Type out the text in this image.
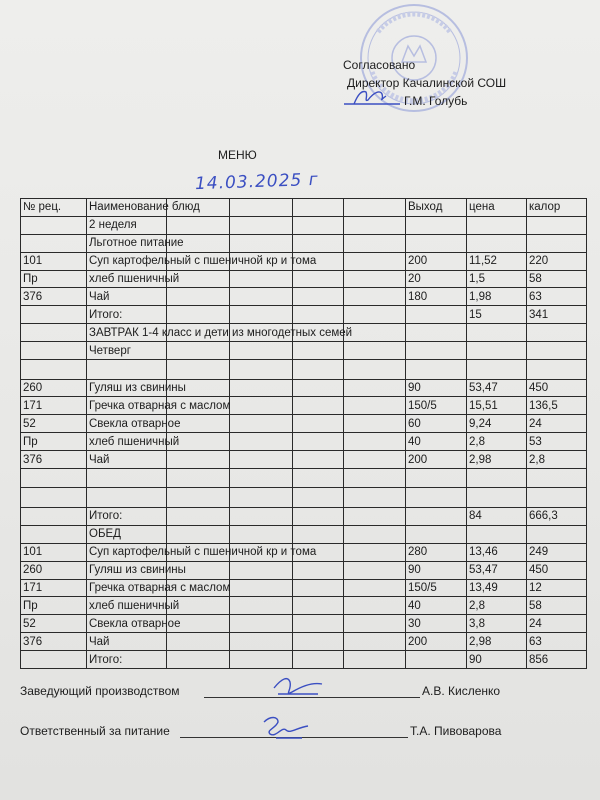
Согласовано
Директор Качалинской СОШ
Г.М. Голубь
МЕНЮ
14.03.2025 г
№ рец.	Наименование блюд					Выход	цена	калор
	2 неделя							
	Льготное питание							
101	Суп картофельный с пшеничной кр и тома					200	11,52	220
Пр	хлеб пшеничный					20	1,5	58
376	Чай					180	1,98	63
	Итого:						15	341
	ЗАВТРАК 1-4 класс и дети из многодетных семей							
	Четверг							

260	Гуляш из свинины					90	53,47	450
171	Гречка отварная с маслом					150/5	15,51	136,5
52	Свекла отварное					60	9,24	24
Пр	хлеб пшеничный					40	2,8	53
376	Чай					200	2,98	2,8

	Итого:						84	666,3
	ОБЕД							
101	Суп картофельный с пшеничной кр и тома					280	13,46	249
260	Гуляш из свинины					90	53,47	450
171	Гречка отварная с маслом					150/5	13,49	12
Пр	хлеб пшеничный					40	2,8	58
52	Свекла отварное					30	3,8	24
376	Чай					200	2,98	63
	Итого:						90	856
Заведующий производством	А.В. Кисленко
Ответственный за питание	Т.А. Пивоварова
